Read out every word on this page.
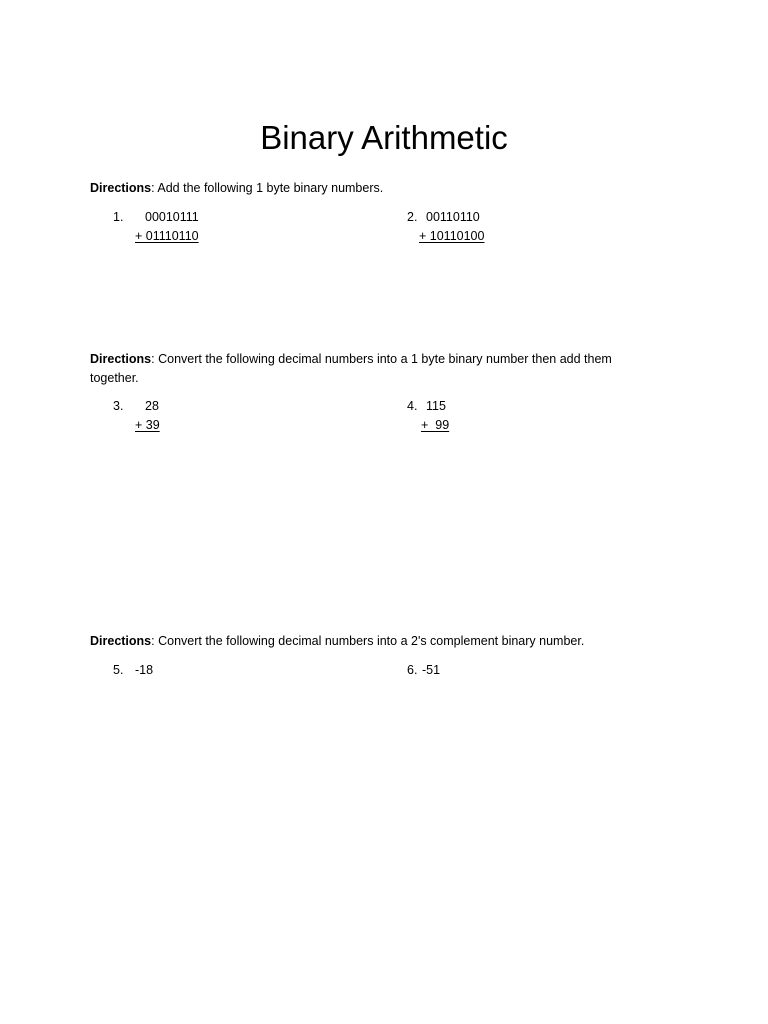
Binary Arithmetic
Directions: Add the following 1 byte binary numbers.
1. 00010111
+ 01110110
2. 00110110
+ 10110100
Directions: Convert the following decimal numbers into a 1 byte binary number then add them together.
3. 28
+ 39
4. 115
+  99
Directions: Convert the following decimal numbers into a 2's complement binary number.
5. -18	6. -51
